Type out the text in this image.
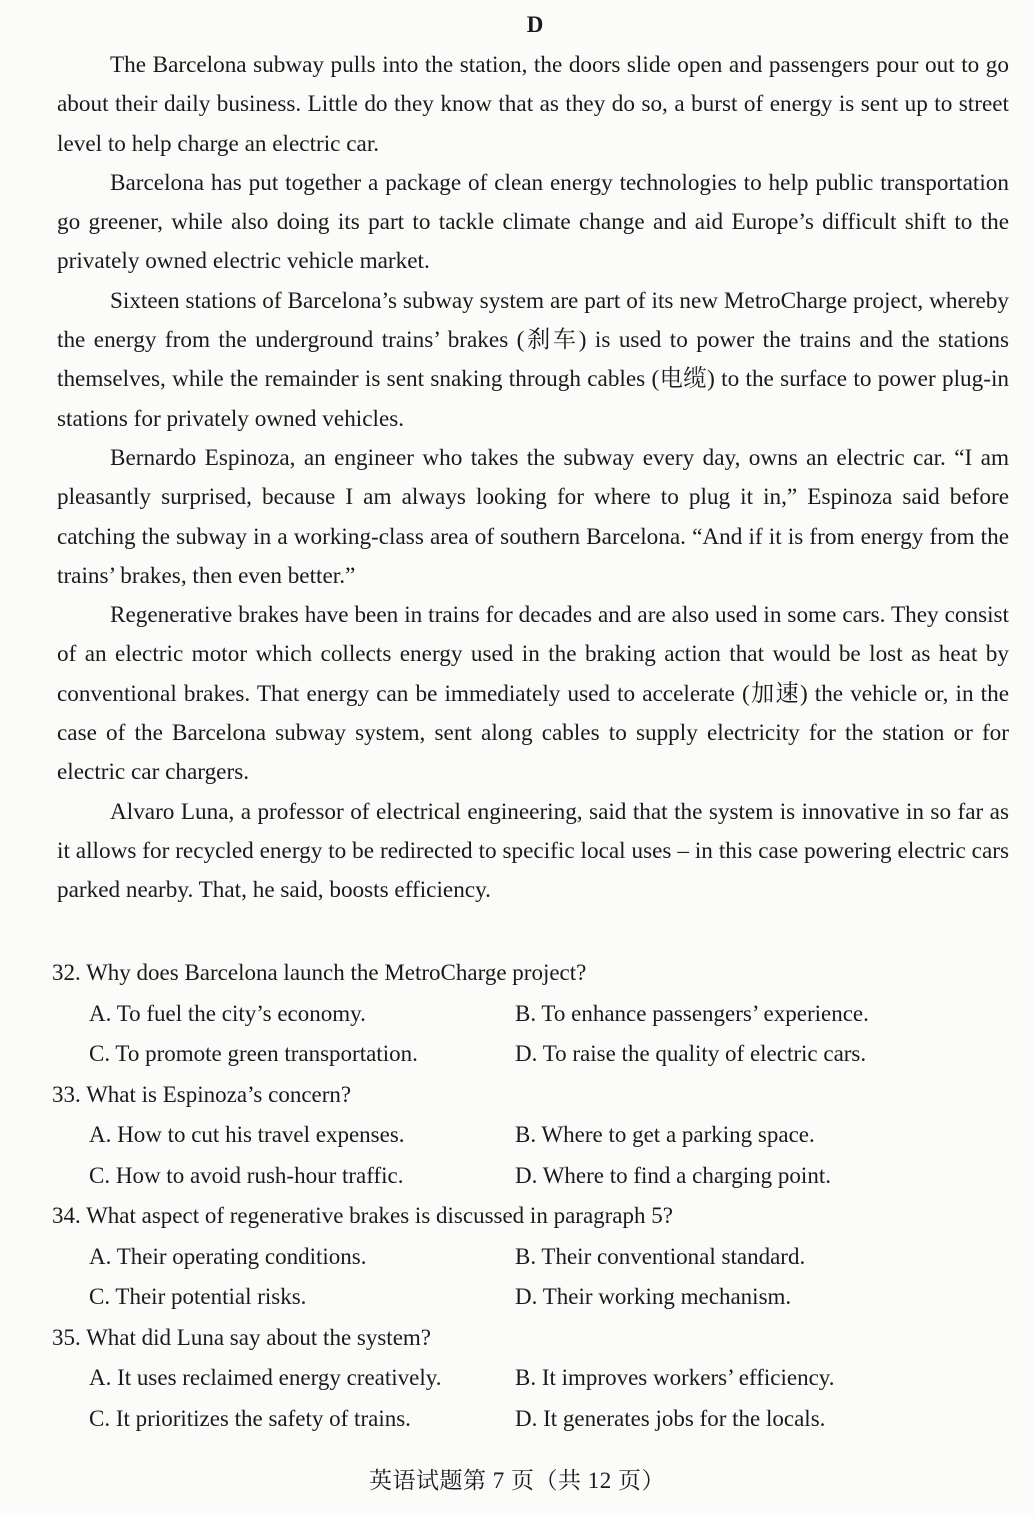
D

The Barcelona subway pulls into the station, the doors slide open and passengers pour out to go about their daily business. Little do they know that as they do so, a burst of energy is sent up to street level to help charge an electric car.

Barcelona has put together a package of clean energy technologies to help public transportation go greener, while also doing its part to tackle climate change and aid Europe’s difficult shift to the privately owned electric vehicle market.

Sixteen stations of Barcelona’s subway system are part of its new MetroCharge project, whereby the energy from the underground trains’ brakes (刹车) is used to power the trains and the stations themselves, while the remainder is sent snaking through cables (电缆) to the surface to power plug-in stations for privately owned vehicles.

Bernardo Espinoza, an engineer who takes the subway every day, owns an electric car. “I am pleasantly surprised, because I am always looking for where to plug it in,” Espinoza said before catching the subway in a working-class area of southern Barcelona. “And if it is from energy from the trains’ brakes, then even better.”

Regenerative brakes have been in trains for decades and are also used in some cars. They consist of an electric motor which collects energy used in the braking action that would be lost as heat by conventional brakes. That energy can be immediately used to accelerate (加速) the vehicle or, in the case of the Barcelona subway system, sent along cables to supply electricity for the station or for electric car chargers.

Alvaro Luna, a professor of electrical engineering, said that the system is innovative in so far as it allows for recycled energy to be redirected to specific local uses – in this case powering electric cars parked nearby. That, he said, boosts efficiency.

32. Why does Barcelona launch the MetroCharge project?
A. To fuel the city’s economy.	B. To enhance passengers’ experience.
C. To promote green transportation.	D. To raise the quality of electric cars.
33. What is Espinoza’s concern?
A. How to cut his travel expenses.	B. Where to get a parking space.
C. How to avoid rush-hour traffic.	D. Where to find a charging point.
34. What aspect of regenerative brakes is discussed in paragraph 5?
A. Their operating conditions.	B. Their conventional standard.
C. Their potential risks.	D. Their working mechanism.
35. What did Luna say about the system?
A. It uses reclaimed energy creatively.	B. It improves workers’ efficiency.
C. It prioritizes the safety of trains.	D. It generates jobs for the locals.
英语试题第 7 页（共 12 页）
